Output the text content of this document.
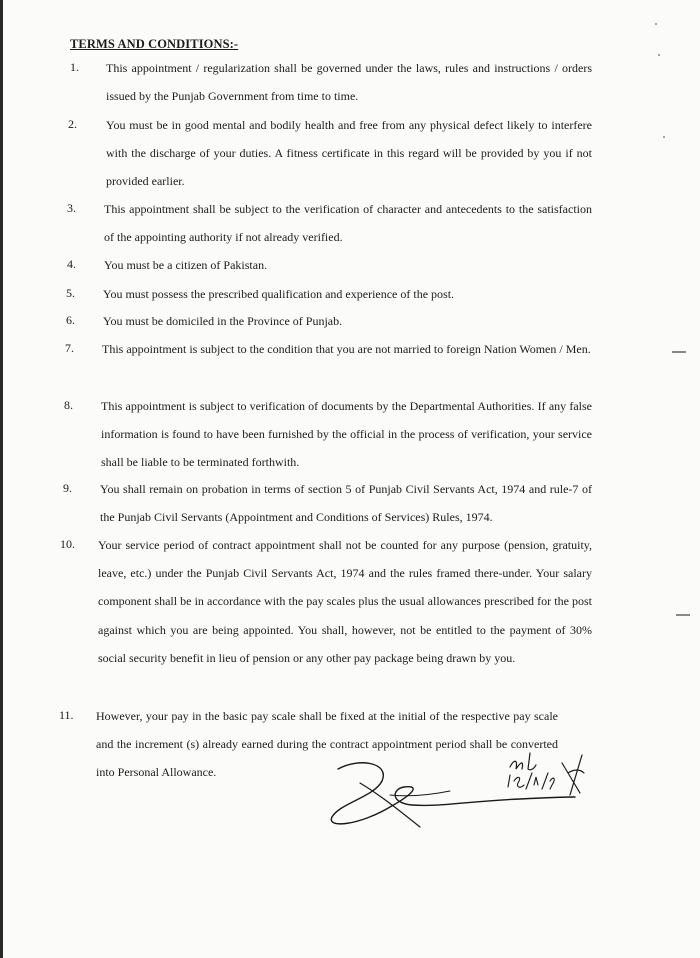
TERMS AND CONDITIONS:-
1. This appointment / regularization shall be governed under the laws, rules and instructions / orders issued by the Punjab Government from time to time.

2. You must be in good mental and bodily health and free from any physical defect likely to interfere with the discharge of your duties. A fitness certificate in this regard will be provided by you if not provided earlier.

3. This appointment shall be subject to the verification of character and antecedents to the satisfaction of the appointing authority if not already verified.

4. You must be a citizen of Pakistan.

5. You must possess the prescribed qualification and experience of the post.

6. You must be domiciled in the Province of Punjab.

7. This appointment is subject to the condition that you are not married to foreign Nation Women / Men.

8. This appointment is subject to verification of documents by the Departmental Authorities. If any false information is found to have been furnished by the official in the process of verification, your service shall be liable to be terminated forthwith.

9. You shall remain on probation in terms of section 5 of Punjab Civil Servants Act, 1974 and rule-7 of the Punjab Civil Servants (Appointment and Conditions of Services) Rules, 1974.

10. Your service period of contract appointment shall not be counted for any purpose (pension, gratuity, leave, etc.) under the Punjab Civil Servants Act, 1974 and the rules framed there-under. Your salary component shall be in accordance with the pay scales plus the usual allowances prescribed for the post against which you are being appointed. You shall, however, not be entitled to the payment of 30% social security benefit in lieu of pension or any other pay package being drawn by you.

11. However, your pay in the basic pay scale shall be fixed at the initial of the respective pay scale and the increment (s) already earned during the contract appointment period shall be converted into Personal Allowance.
